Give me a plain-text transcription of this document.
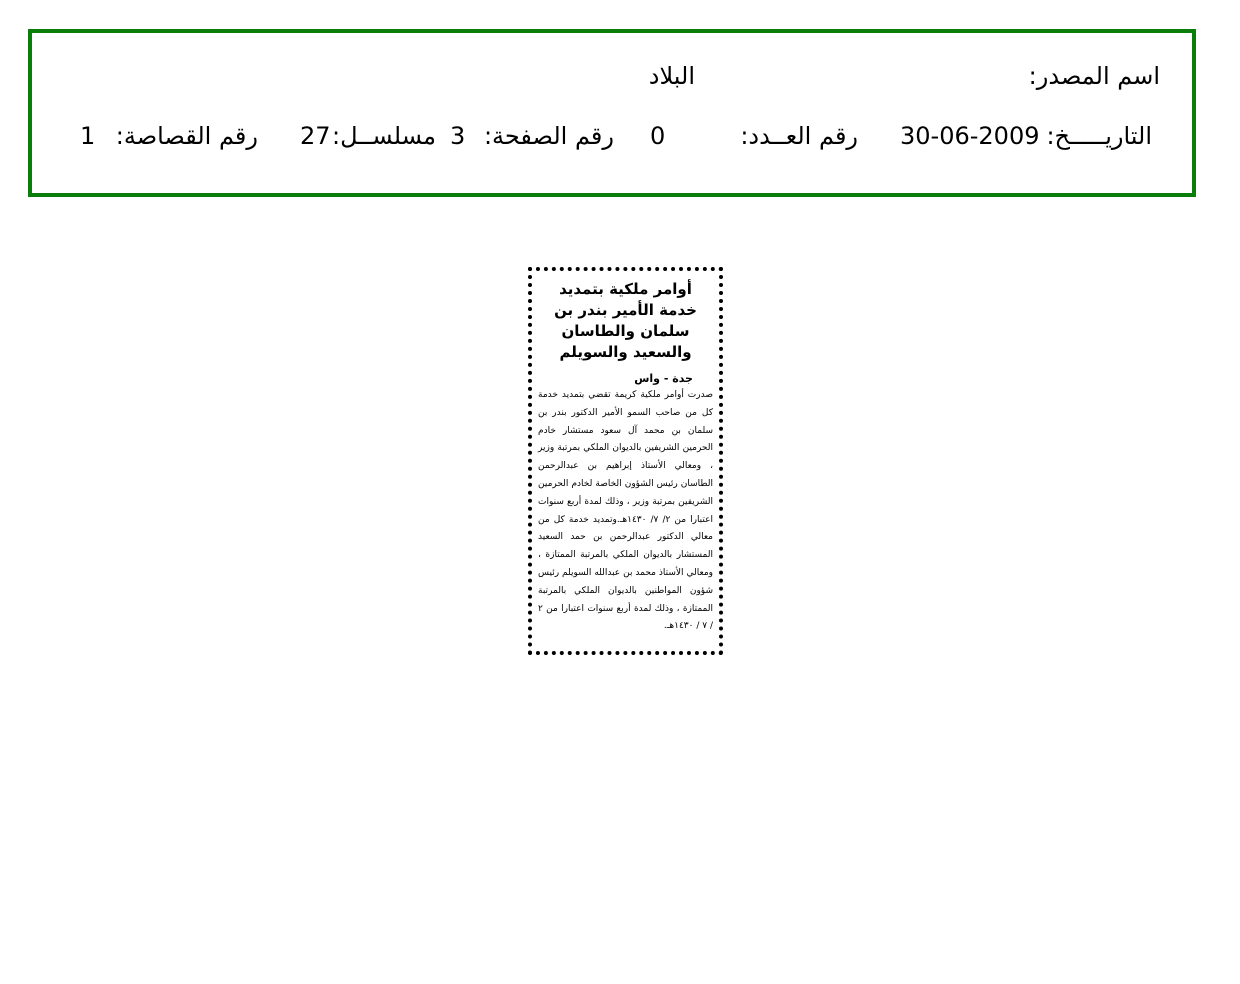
اسم المصدر:
البلاد
التاريـــــخ:
30-06-2009
رقم العــدد:
0
رقم الصفحة:
3
مسلســل:
27
رقم القصاصة:
1
أوامر ملكية بتمديد خدمة الأمير بندر بن سلمان والطاسان والسعيد والسويلم
جدة - واس
صدرت أوامر ملكية كريمة تقضي بتمديد خدمة كل من صاحب السمو الأمير الدكتور بندر بن سلمان بن محمد آل سعود مستشار خادم الحرمين الشريفين بالديوان الملكي بمرتبة وزير ، ومعالي الأستاذ إبراهيم بن عبدالرحمن الطاسان رئيس الشؤون الخاصة لخادم الحرمين الشريفين بمرتبة وزير ، وذلك لمدة أربع سنوات اعتبارا من ٢/ ٧/ ١٤٣٠هـ.وتمديد خدمة كل من معالي الدكتور عبدالرحمن بن حمد السعيد المستشار بالديوان الملكي بالمرتبة الممتازة ، ومعالي الأستاذ محمد بن عبدالله السويلم رئيس شؤون المواطنين بالديوان الملكي بالمرتبة الممتازة ، وذلك لمدة أربع سنوات اعتبارا من ٢ / ٧ / ١٤٣٠هـ.
